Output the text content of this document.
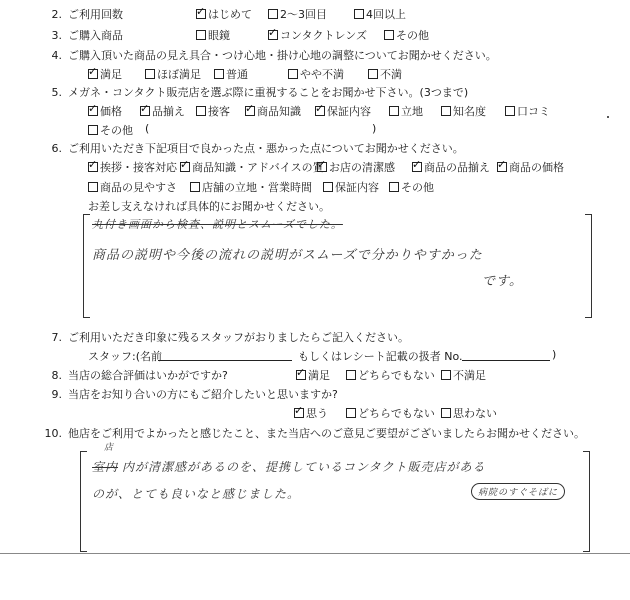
2. ご利用回数 ✓	はじめて	2～3回目	4回以上
3. ご購入商品	眼鏡 ✓	コンタクトレンズ	その他
4. ご購入頂いた商品の見え具合・つけ心地・掛け心地の調整についてお聞かせください。
✓満足	ほぼ満足	普通	やや不満	不満
5. メガネ・コンタクト販売店を選ぶ際に重視することをお聞かせ下さい。(3つまで)
✓価格 ✓	品揃え	接客 ✓	商品知識 ✓	保証内容	立地	知名度	口コミ
その他 (	)
6. ご利用いただき下記項目で良かった点・悪かった点についてお聞かせください。
✓挨拶・接客対応 ✓	商品知識・アドバイスの質 ✓ お店の清潔感 ✓	商品の品揃え ✓	商品の価格
商品の見やすさ	店舗の立地・営業時間	保証内容	その他
お差し支えなければ具体的にお聞かせください。
丸付き画面から検査、説明とスムーズでした。
商品の説明や今後の流れの説明がスムーズで分かりやすかった
です。
7. ご利用いただき印象に残るスタッフがおりましたらご記入ください。
スタッフ:(名前	もしくはレシート記載の扱者 No.	)
8. 当店の総合評価はいかがですか? ✓	満足	どちらでもない	不満足
9. 当店をお知り合いの方にもご紹介したいと思いますか?
✓思う	どちらでもない	思わない
10. 他店をご利用でよかったと感じたこと、また当店へのご意見ご要望がございましたらお聞かせください。
店
室内 内が清潔感があるのを、提携しているコンタクト販売店がある
のが、とても良いなと感じました。	病院のすぐそばに
